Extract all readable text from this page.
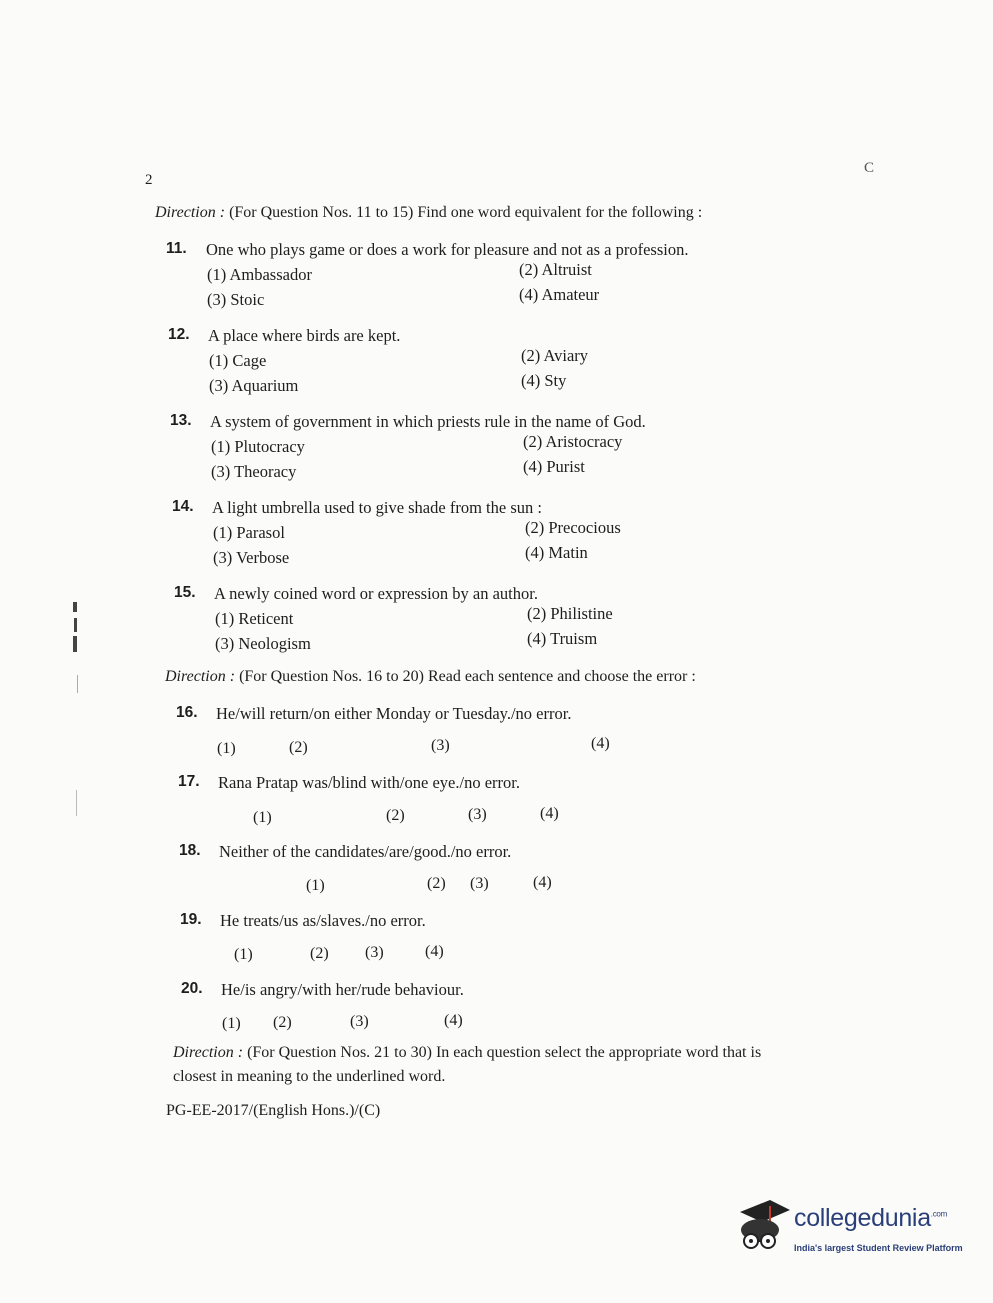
2
C
Direction : (For Question Nos. 11 to 15) Find one word equivalent for the following :
11. One who plays game or does a work for pleasure and not as a profession.
(1) Ambassador	(2) Altruist
(3) Stoic	(4) Amateur
12. A place where birds are kept.
(1) Cage	(2) Aviary
(3) Aquarium	(4) Sty
13. A system of government in which priests rule in the name of God.
(1) Plutocracy	(2) Aristocracy
(3) Theoracy	(4) Purist
14. A light umbrella used to give shade from the sun :
(1) Parasol	(2) Precocious
(3) Verbose	(4) Matin
15. A newly coined word or expression by an author.
(1) Reticent	(2) Philistine
(3) Neologism	(4) Truism
Direction : (For Question Nos. 16 to 20) Read each sentence and choose the error :
16. He/will return/on either Monday or Tuesday./no error.
(1)	(2)	(3)	(4)
17. Rana Pratap was/blind with/one eye./no error.
(1)	(2)	(3)	(4)
18. Neither of the candidates/are/good./no error.
(1)	(2) (3)	(4)
19. He treats/us as/slaves./no error.
(1)	(2) (3)	(4)
20. He/is angry/with her/rude behaviour.
(1) (2)	(3)	(4)
Direction : (For Question Nos. 21 to 30) In each question select the appropriate word that is
closest in meaning to the underlined word.
PG-EE-2017/(English Hons.)/(C)
collegedunia$^{.com}$
India's largest Student Review Platform
